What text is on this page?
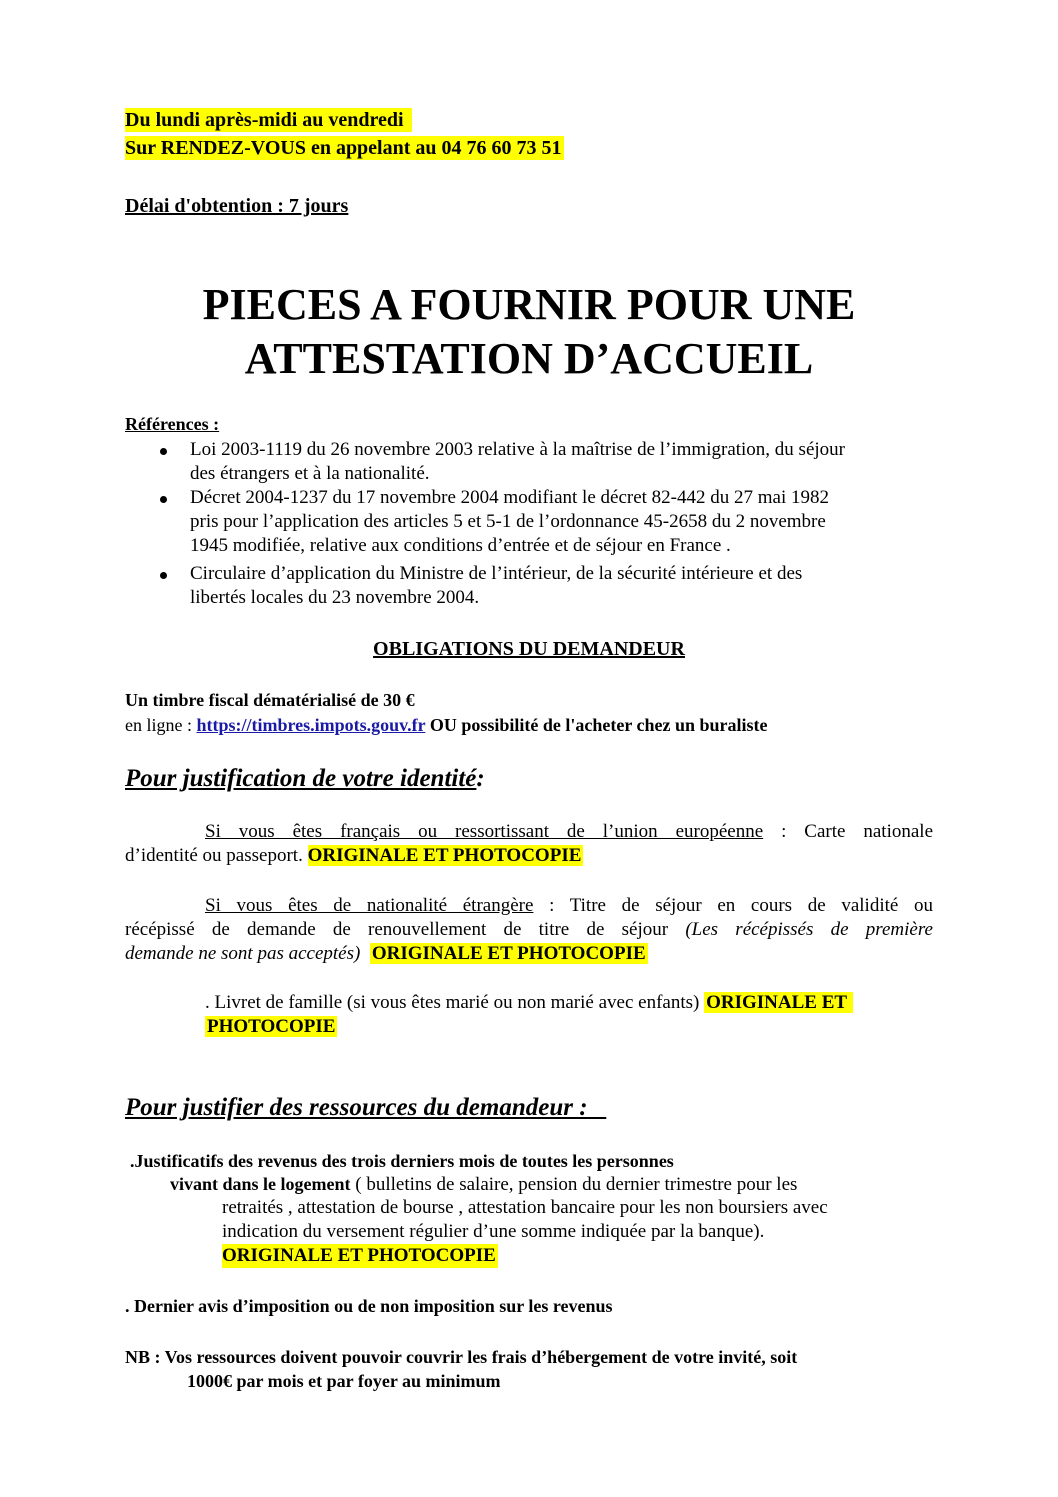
Du lundi après-midi au vendredi
Sur RENDEZ-VOUS en appelant au 04 76 60 73 51
Délai d'obtention : 7 jours
PIECES A FOURNIR POUR UNE
ATTESTATION D’ACCUEIL
Références :
Loi 2003-1119 du 26 novembre 2003 relative à la maîtrise de l’immigration, du séjour
des étrangers et à la nationalité.
Décret 2004-1237 du 17 novembre 2004 modifiant le décret 82-442 du 27 mai 1982
pris pour l’application des articles 5 et 5-1 de l’ordonnance 45-2658 du 2 novembre
1945 modifiée, relative aux conditions d’entrée et de séjour en France .
Circulaire d’application du Ministre de l’intérieur, de la sécurité intérieure et des
libertés locales du 23 novembre 2004.
OBLIGATIONS DU DEMANDEUR
Un timbre fiscal dématérialisé de 30 €
en ligne : https://timbres.impots.gouv.fr OU possibilité de l'acheter chez un buraliste
Pour justification de votre identité:
Si vous êtes français ou ressortissant de l’union européenne : Carte nationale
d’identité ou passeport. ORIGINALE ET PHOTOCOPIE
Si vous êtes de nationalité étrangère : Titre de séjour en cours de validité ou
récépissé de demande de renouvellement de titre de séjour (Les récépissés de première
demande ne sont pas acceptés) ORIGINALE ET PHOTOCOPIE
. Livret de famille (si vous êtes marié ou non marié avec enfants) ORIGINALE ET
PHOTOCOPIE
Pour justifier des ressources du demandeur :
.Justificatifs des revenus des trois derniers mois de toutes les personnes
vivant dans le logement ( bulletins de salaire, pension du dernier trimestre pour les
retraités , attestation de bourse , attestation bancaire pour les non boursiers avec
indication du versement régulier d’une somme indiquée par la banque).
ORIGINALE ET PHOTOCOPIE
. Dernier avis d’imposition ou de non imposition sur les revenus
NB : Vos ressources doivent pouvoir couvrir les frais d’hébergement de votre invité, soit
1000€ par mois et par foyer au minimum
